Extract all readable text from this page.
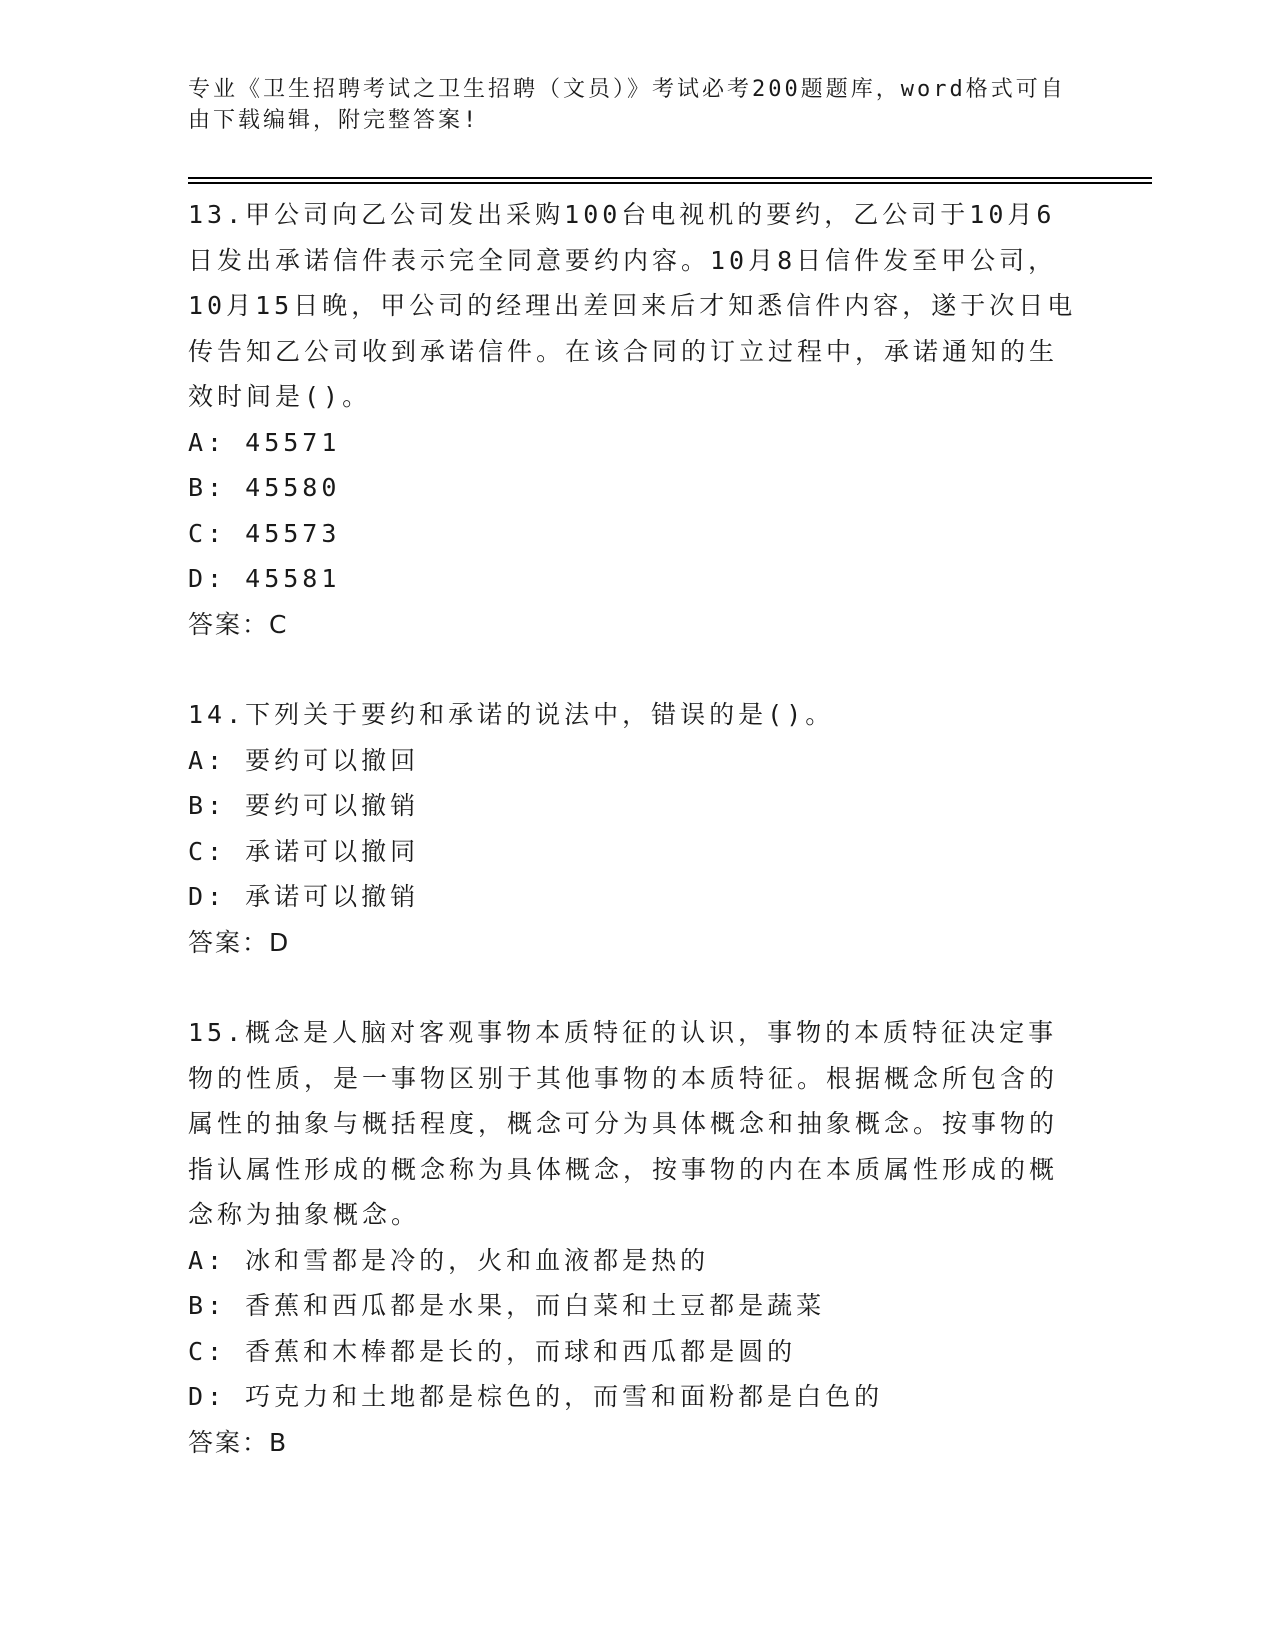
专业《卫生招聘考试之卫生招聘（文员）》考试必考200题题库，word格式可自由下载编辑，附完整答案!

13.甲公司向乙公司发出采购100台电视机的要约，乙公司于10月6日发出承诺信件表示完全同意要约内容。10月8日信件发至甲公司，10月15日晚，甲公司的经理出差回来后才知悉信件内容，遂于次日电传告知乙公司收到承诺信件。在该合同的订立过程中，承诺通知的生效时间是()。

A: 45571

B: 45580

C: 45573

D: 45581

答案：C

14.下列关于要约和承诺的说法中，错误的是()。

A: 要约可以撤回

B: 要约可以撤销

C: 承诺可以撤同

D: 承诺可以撤销

答案：D

15.概念是人脑对客观事物本质特征的认识，事物的本质特征决定事物的性质，是一事物区别于其他事物的本质特征。根据概念所包含的属性的抽象与概括程度，概念可分为具体概念和抽象概念。按事物的指认属性形成的概念称为具体概念，按事物的内在本质属性形成的概念称为抽象概念。

A: 冰和雪都是冷的，火和血液都是热的

B: 香蕉和西瓜都是水果，而白菜和土豆都是蔬菜

C: 香蕉和木棒都是长的，而球和西瓜都是圆的

D: 巧克力和土地都是棕色的，而雪和面粉都是白色的

答案：B
